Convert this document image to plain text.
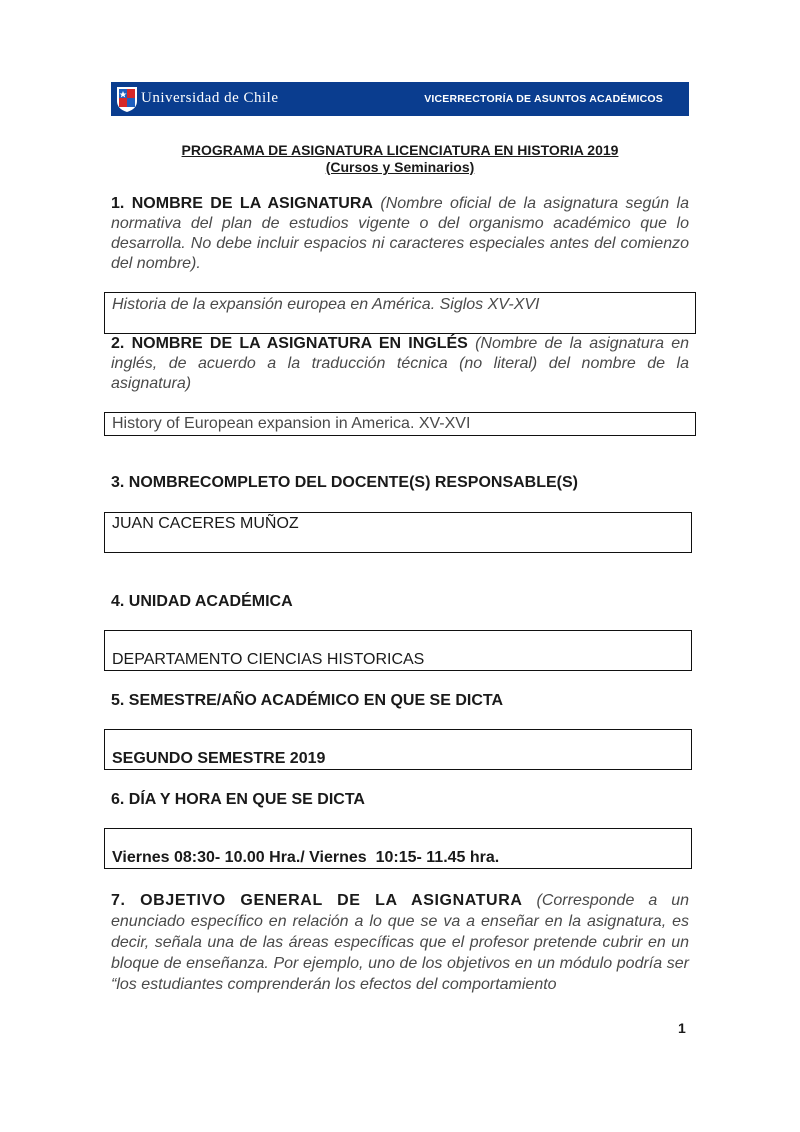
Universidad de Chile	VICERRECTORÍA DE ASUNTOS ACADÉMICOS
PROGRAMA DE ASIGNATURA LICENCIATURA EN HISTORIA 2019
(Cursos y Seminarios)
1. NOMBRE DE LA ASIGNATURA (Nombre oficial de la asignatura según la normativa del plan de estudios vigente o del organismo académico que lo desarrolla. No debe incluir espacios ni caracteres especiales antes del comienzo del nombre).
Historia de la expansión europea en América. Siglos XV-XVI
2. NOMBRE DE LA ASIGNATURA EN INGLÉS (Nombre de la asignatura en inglés, de acuerdo a la traducción técnica (no literal) del nombre de la asignatura)
History of European expansion in America. XV-XVI
3. NOMBRECOMPLETO DEL DOCENTE(S) RESPONSABLE(S)
JUAN CACERES MUÑOZ
4. UNIDAD ACADÉMICA
DEPARTAMENTO CIENCIAS HISTORICAS
5. SEMESTRE/AÑO ACADÉMICO EN QUE SE DICTA
SEGUNDO SEMESTRE 2019
6. DÍA Y HORA EN QUE SE DICTA
Viernes 08:30- 10.00 Hra./ Viernes  10:15- 11.45 hra.
7. OBJETIVO GENERAL DE LA ASIGNATURA (Corresponde a un enunciado específico en relación a lo que se va a enseñar en la asignatura, es decir, señala una de las áreas específicas que el profesor pretende cubrir en un bloque de enseñanza. Por ejemplo, uno de los objetivos en un módulo podría ser “los estudiantes comprenderán los efectos del comportamiento
1
